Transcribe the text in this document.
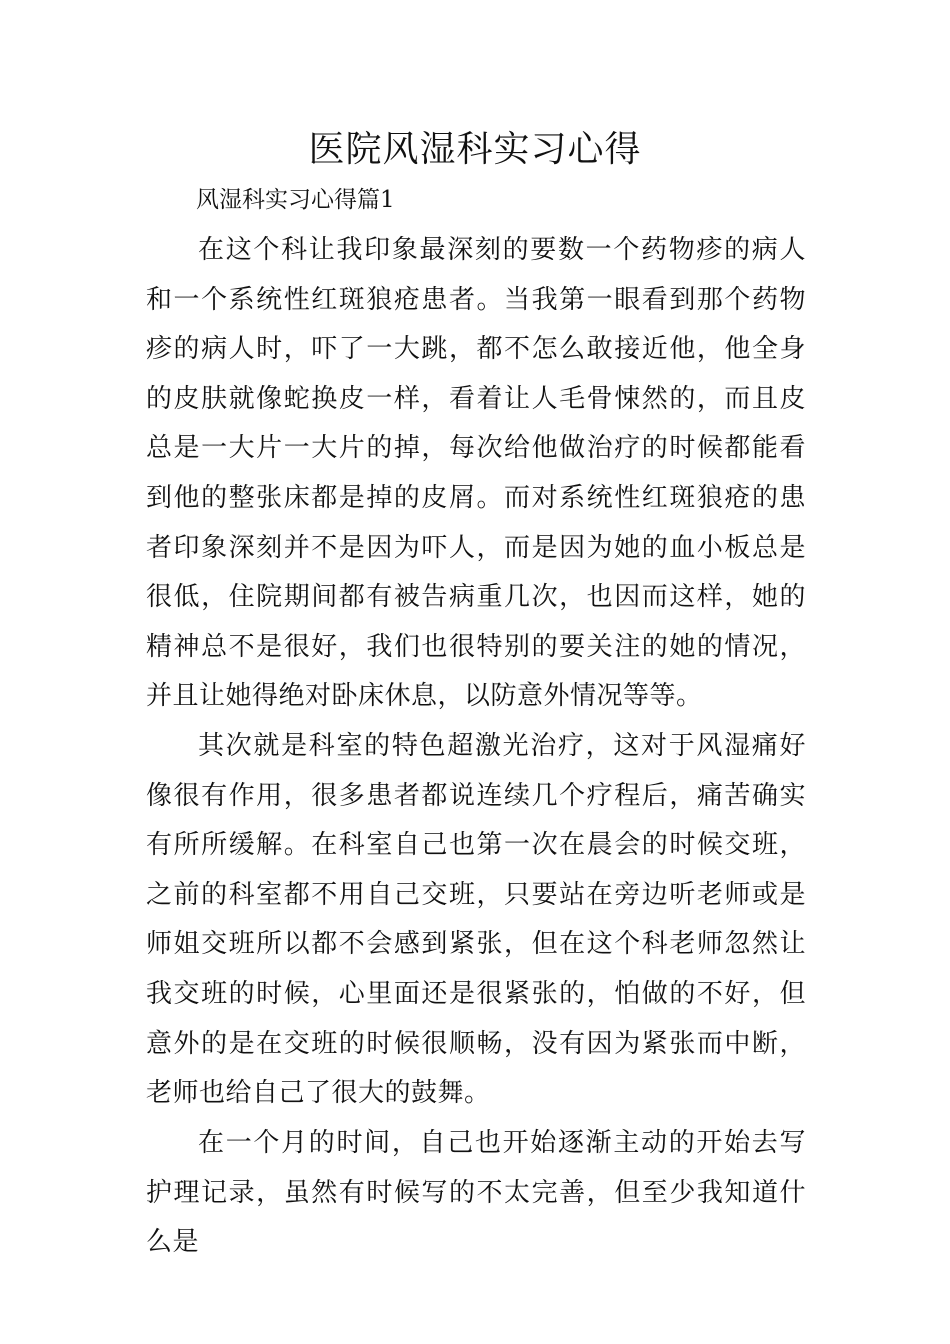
医院风湿科实习心得
风湿科实习心得篇1

在这个科让我印象最深刻的要数一个药物疹的病人和一个系统性红斑狼疮患者。当我第一眼看到那个药物疹的病人时，吓了一大跳，都不怎么敢接近他，他全身的皮肤就像蛇换皮一样，看着让人毛骨悚然的，而且皮总是一大片一大片的掉，每次给他做治疗的时候都能看到他的整张床都是掉的皮屑。而对系统性红斑狼疮的患者印象深刻并不是因为吓人，而是因为她的血小板总是很低，住院期间都有被告病重几次，也因而这样，她的精神总不是很好，我们也很特别的要关注的她的情况，并且让她得绝对卧床休息，以防意外情况等等。

其次就是科室的特色超激光治疗，这对于风湿痛好像很有作用，很多患者都说连续几个疗程后，痛苦确实有所所缓解。在科室自己也第一次在晨会的时候交班，之前的科室都不用自己交班，只要站在旁边听老师或是师姐交班所以都不会感到紧张，但在这个科老师忽然让我交班的时候，心里面还是很紧张的，怕做的不好，但意外的是在交班的时候很顺畅，没有因为紧张而中断，老师也给自己了很大的鼓舞。

在一个月的时间，自己也开始逐渐主动的开始去写护理记录，虽然有时候写的不太完善，但至少我知道什么是
